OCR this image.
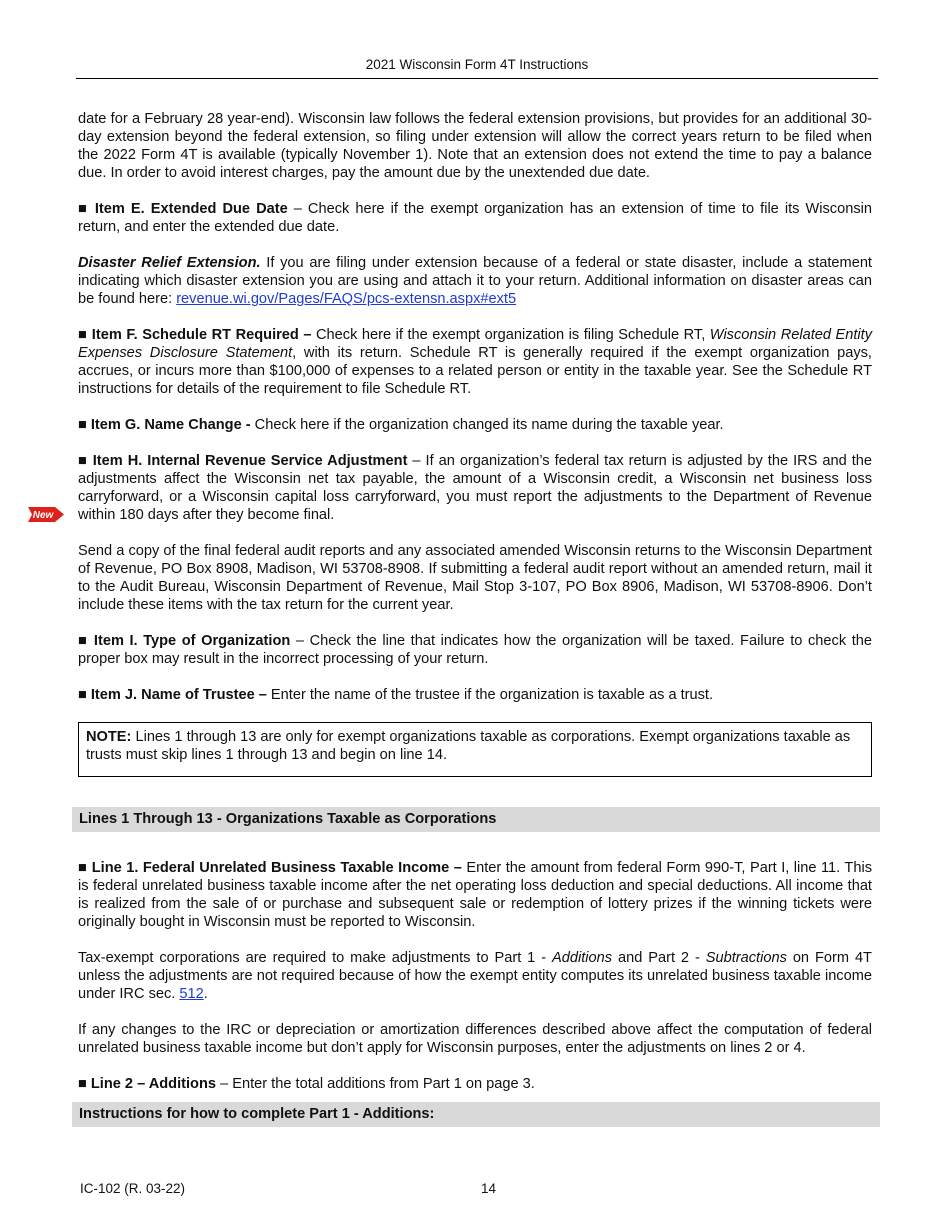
2021 Wisconsin Form 4T Instructions
New

date for a February 28 year-end). Wisconsin law follows the federal extension provisions, but provides for an additional 30-day extension beyond the federal extension, so filing under extension will allow the correct years return to be filed when the 2022 Form 4T is available (typically November 1). Note that an extension does not extend the time to pay a balance due. In order to avoid interest charges, pay the amount due by the unextended due date.

■ Item E. Extended Due Date – Check here if the exempt organization has an extension of time to file its Wisconsin return, and enter the extended due date.

Disaster Relief Extension. If you are filing under extension because of a federal or state disaster, include a statement indicating which disaster extension you are using and attach it to your return. Additional information on disaster areas can be found here: revenue.wi.gov/Pages/FAQS/pcs-extensn.aspx#ext5

■ Item F. Schedule RT Required – Check here if the exempt organization is filing Schedule RT, Wisconsin Related Entity Expenses Disclosure Statement, with its return. Schedule RT is generally required if the exempt organization pays, accrues, or incurs more than $100,000 of expenses to a related person or entity in the taxable year. See the Schedule RT instructions for details of the requirement to file Schedule RT.

■ Item G. Name Change - Check here if the organization changed its name during the taxable year.

■ Item H. Internal Revenue Service Adjustment – If an organization’s federal tax return is adjusted by the IRS and the adjustments affect the Wisconsin net tax payable, the amount of a Wisconsin credit, a Wisconsin net business loss carryforward, or a Wisconsin capital loss carryforward, you must report the adjustments to the Department of Revenue within 180 days after they become final.

Send a copy of the final federal audit reports and any associated amended Wisconsin returns to the Wisconsin Department of Revenue, PO Box 8908, Madison, WI 53708-8908. If submitting a federal audit report without an amended return, mail it to the Audit Bureau, Wisconsin Department of Revenue, Mail Stop 3-107, PO Box 8906, Madison, WI 53708-8906. Don’t include these items with the tax return for the current year.

■ Item I. Type of Organization – Check the line that indicates how the organization will be taxed. Failure to check the proper box may result in the incorrect processing of your return.

■ Item J. Name of Trustee – Enter the name of the trustee if the organization is taxable as a trust.

NOTE: Lines 1 through 13 are only for exempt organizations taxable as corporations. Exempt organizations taxable as trusts must skip lines 1 through 13 and begin on line 14.
Lines 1 Through 13 - Organizations Taxable as Corporations

■ Line 1. Federal Unrelated Business Taxable Income – Enter the amount from federal Form 990-T, Part I, line 11. This is federal unrelated business taxable income after the net operating loss deduction and special deductions. All income that is realized from the sale of or purchase and subsequent sale or redemption of lottery prizes if the winning tickets were originally bought in Wisconsin must be reported to Wisconsin.

Tax-exempt corporations are required to make adjustments to Part 1 - Additions and Part 2 - Subtractions on Form 4T unless the adjustments are not required because of how the exempt entity computes its unrelated business taxable income under IRC sec. 512.

If any changes to the IRC or depreciation or amortization differences described above affect the computation of federal unrelated business taxable income but don’t apply for Wisconsin purposes, enter the adjustments on lines 2 or 4.

■ Line 2 – Additions – Enter the total additions from Part 1 on page 3.

Instructions for how to complete Part 1 - Additions:
IC-102 (R. 03-22)	14
